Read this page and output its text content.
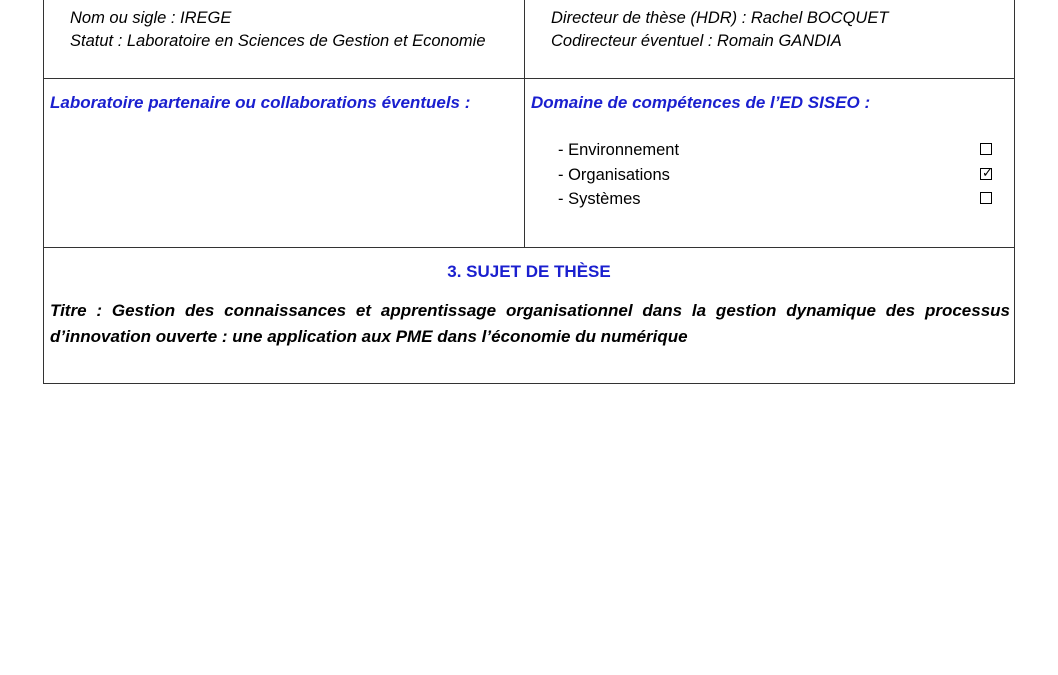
Nom ou sigle : IREGE
Statut : Laboratoire en Sciences de Gestion et Economie
Directeur de thèse (HDR) : Rachel BOCQUET
Codirecteur éventuel : Romain GANDIA
Laboratoire partenaire ou collaborations éventuels :	Domaine de compétences de l’ED SISEO :
- Environnement
- Organisations	✓
- Systèmes
3. SUJET DE THÈSE
Titre : Gestion des connaissances et apprentissage organisationnel dans la gestion dynamique des processus d’innovation ouverte : une application aux PME dans l’économie du numérique
